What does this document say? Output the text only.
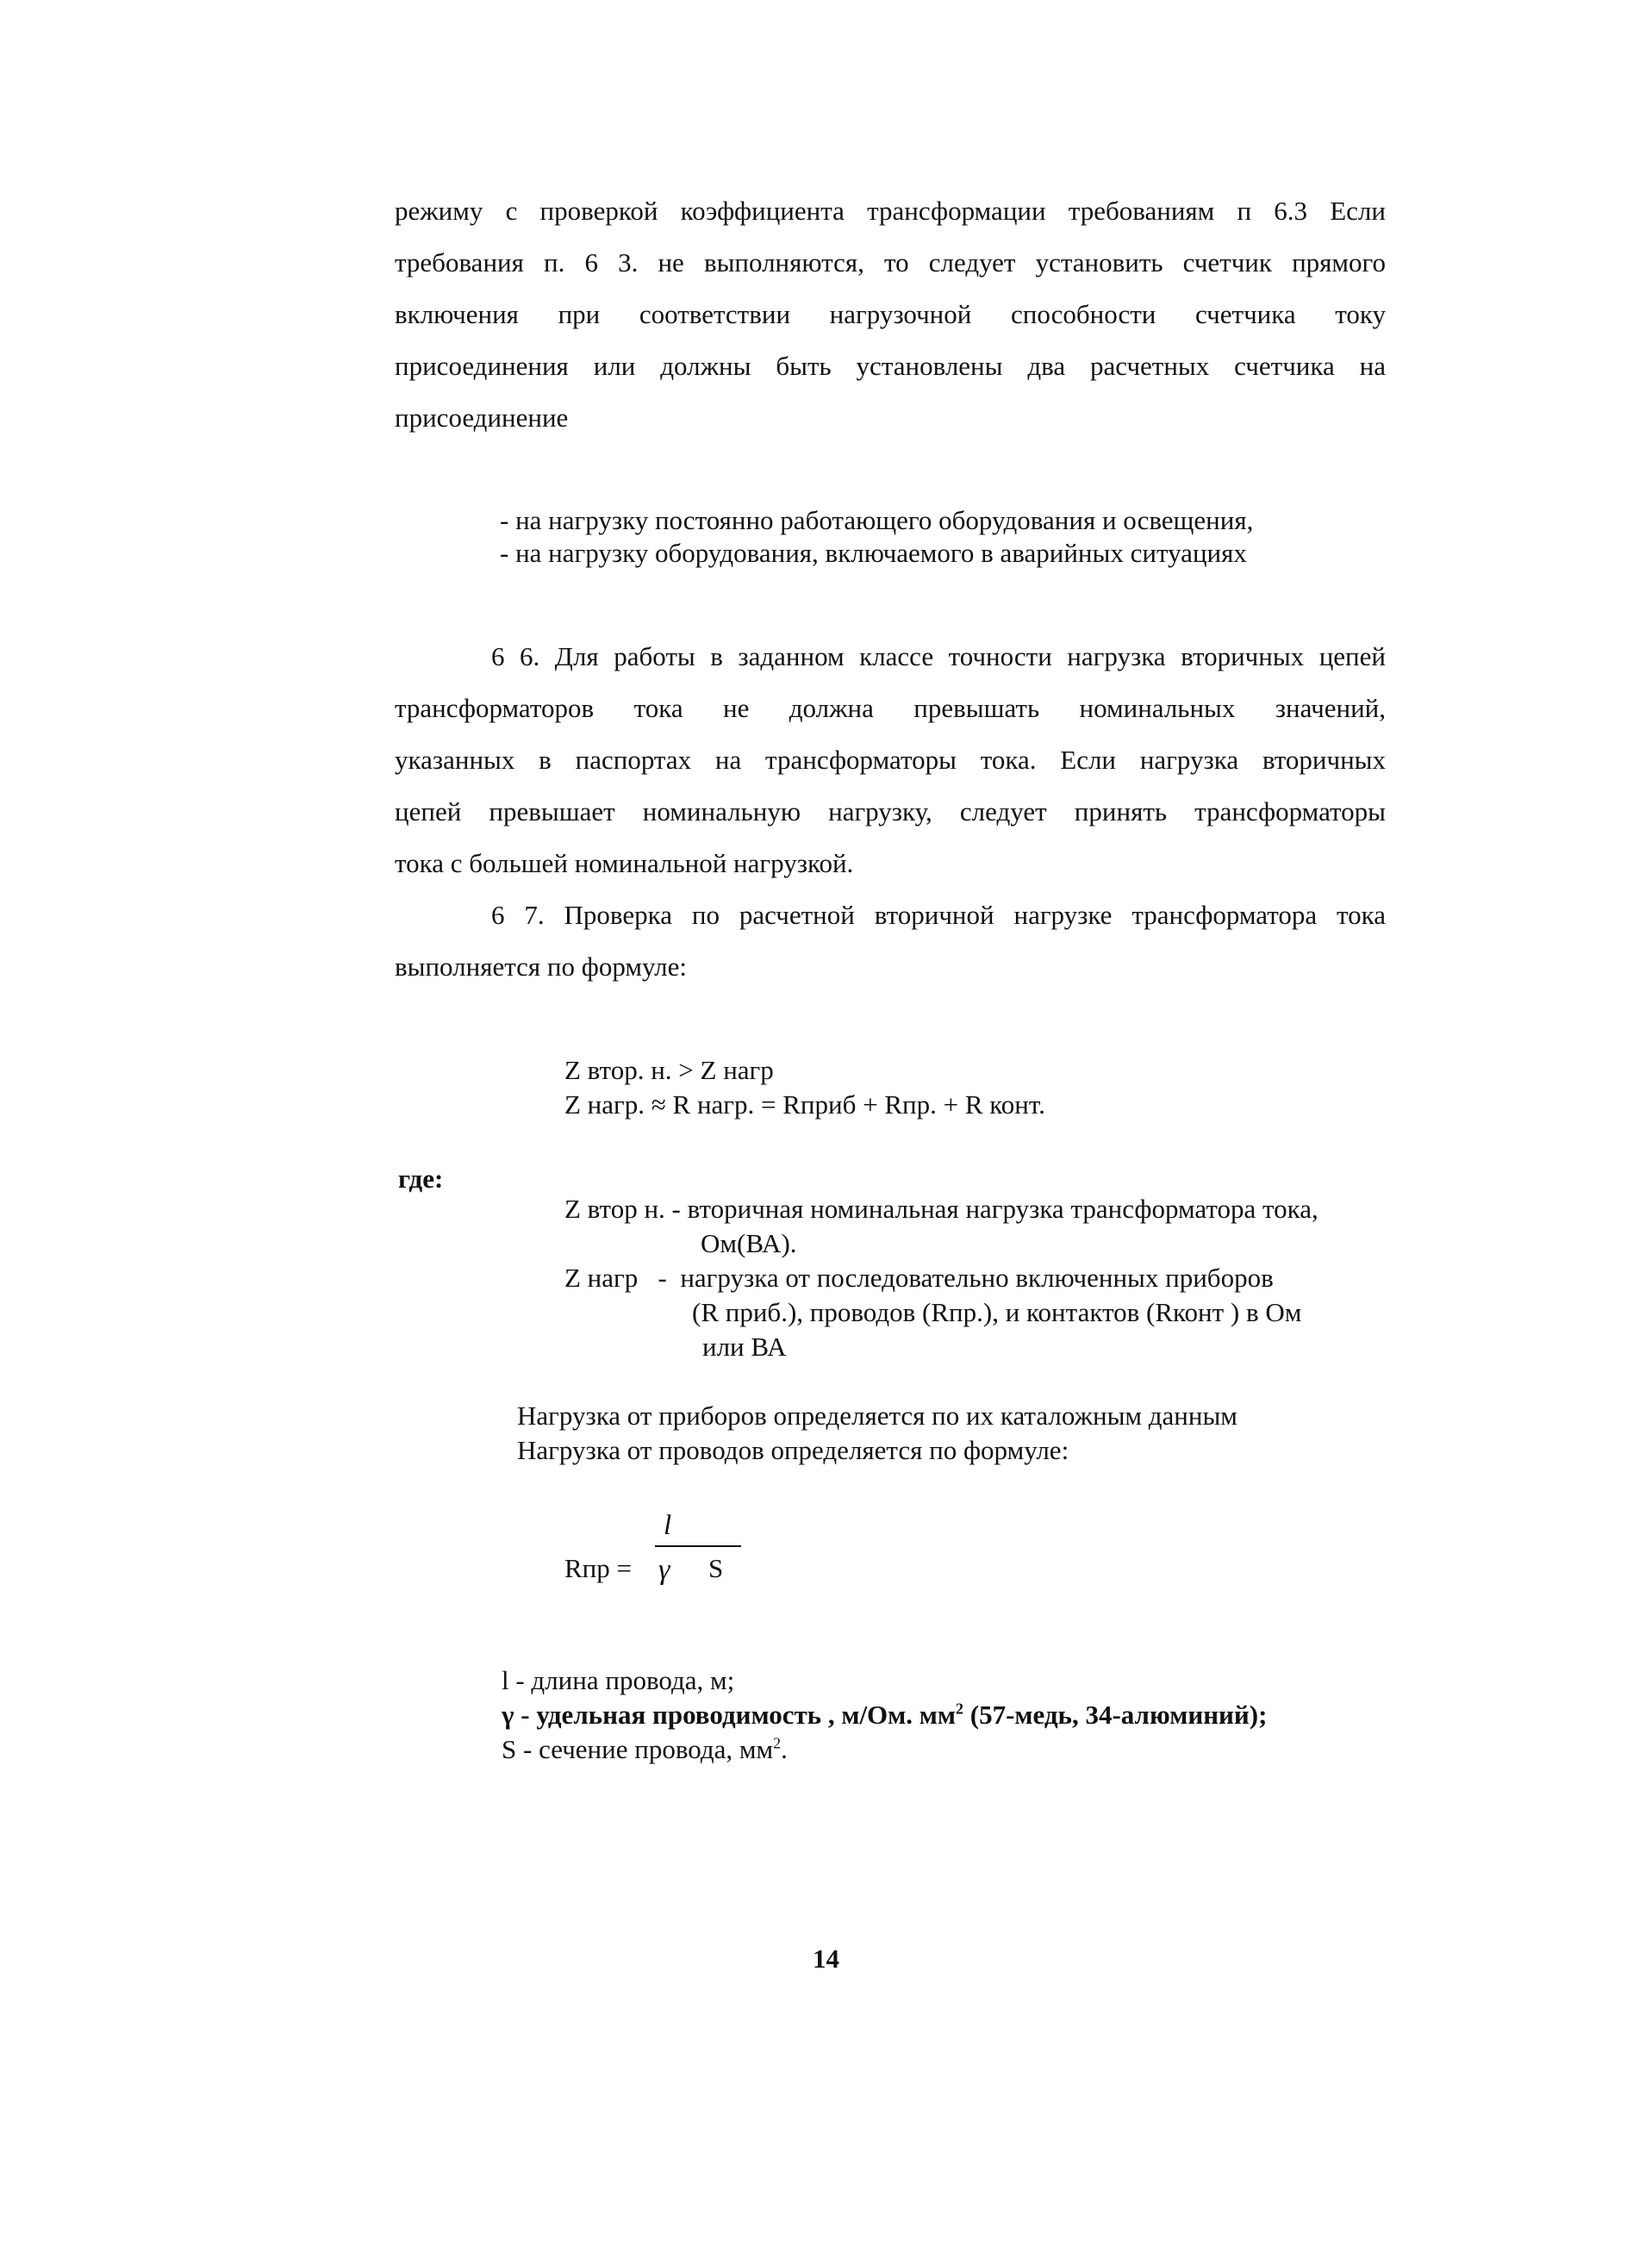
режиму с проверкой коэффициента трансформации требованиям п 6.3 Если
требования п. 6 3. не выполняются, то следует установить счетчик прямого
включения при соответствии нагрузочной способности счетчика току
присоединения или должны быть установлены два расчетных счетчика на
присоединение
- на нагрузку постоянно работающего оборудования и освещения,
- на нагрузку оборудования, включаемого в аварийных ситуациях
6 6. Для работы в заданном классе точности нагрузка вторичных цепей
трансформаторов тока не должна превышать номинальных значений,
указанных в паспортах на трансформаторы тока. Если нагрузка вторичных
цепей превышает номинальную нагрузку, следует принять трансформаторы
тока с большей номинальной нагрузкой.
6 7. Проверка по расчетной вторичной нагрузке трансформатора тока
выполняется по формуле:
Z втор. н. > Z нагр
Z нагр. ≈ R нагр. = Rприб + Rпр. + R конт.
где:
Z втор н. - вторичная номинальная нагрузка трансформатора тока,
Ом(ВА).
Z нагр   -  нагрузка от последовательно включенных приборов
(R приб.), проводов (Rпр.), и контактов (Rконт ) в Ом
или ВА
Нагрузка от приборов определяется по их каталожным данным
Нагрузка от проводов определяется по формуле:
Rпр =
l
γ S
l - длина провода, м;
γ - удельная проводимость , м/Ом. $мм^2$ (57-медь, 34-алюминий);
S - сечение провода, $мм^2$.
14
